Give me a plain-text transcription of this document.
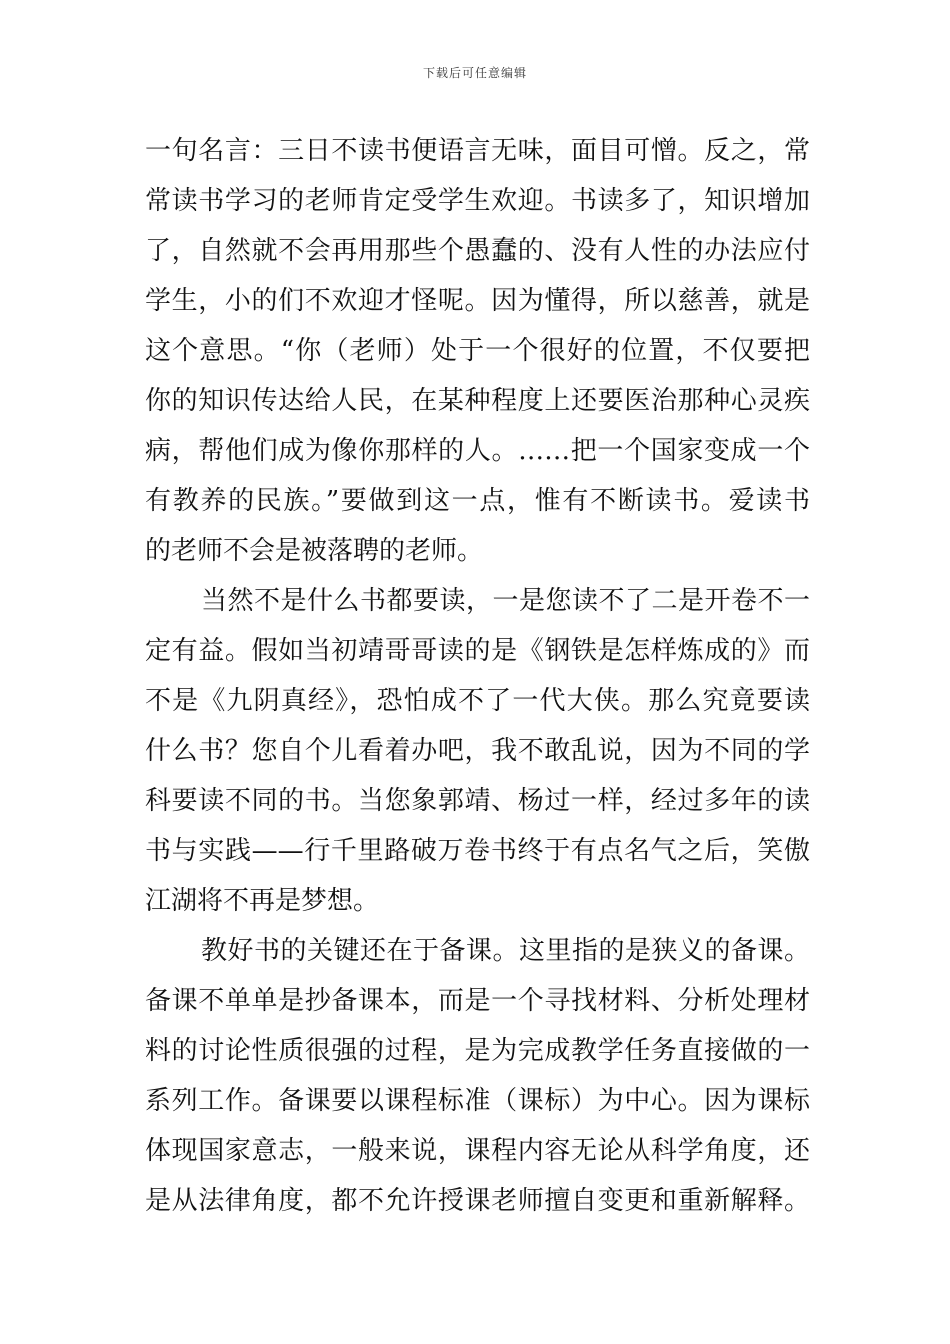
下载后可任意编辑
一句名言：三日不读书便语言无味，面目可憎。反之，常
常读书学习的老师肯定受学生欢迎。书读多了，知识增加
了，自然就不会再用那些个愚蠢的、没有人性的办法应付
学生，小的们不欢迎才怪呢。因为懂得，所以慈善，就是
这个意思。“你（老师）处于一个很好的位置，不仅要把
你的知识传达给人民，在某种程度上还要医治那种心灵疾
病，帮他们成为像你那样的人。……把一个国家变成一个
有教养的民族。”要做到这一点，惟有不断读书。爱读书
的老师不会是被落聘的老师。
当然不是什么书都要读，一是您读不了二是开卷不一
定有益。假如当初靖哥哥读的是《钢铁是怎样炼成的》而
不是《九阴真经》，恐怕成不了一代大侠。那么究竟要读
什么书？您自个儿看着办吧，我不敢乱说，因为不同的学
科要读不同的书。当您象郭靖、杨过一样，经过多年的读
书与实践——行千里路破万卷书终于有点名气之后，笑傲
江湖将不再是梦想。
教好书的关键还在于备课。这里指的是狭义的备课。
备课不单单是抄备课本，而是一个寻找材料、分析处理材
料的讨论性质很强的过程，是为完成教学任务直接做的一
系列工作。备课要以课程标准（课标）为中心。因为课标
体现国家意志，一般来说，课程内容无论从科学角度，还
是从法律角度，都不允许授课老师擅自变更和重新解释。
